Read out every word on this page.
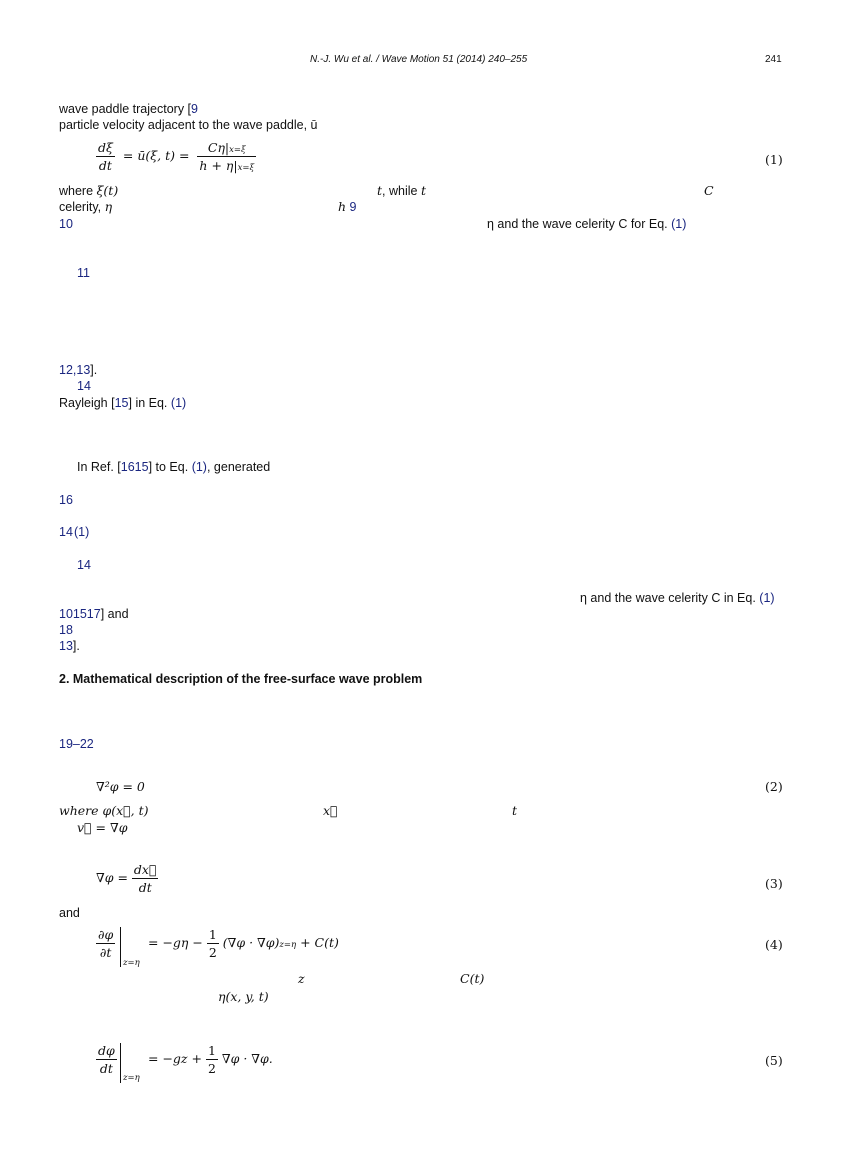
N.-J. Wu et al. / Wave Motion 51 (2014) 240–255	241
wave paddle trajectory [9
particle velocity adjacent to the wave paddle, ū
$\frac{d\xi}{dt}$ = ū(ξ, $t) = \frac{C\eta|x=\xi}{h + \eta|x=\xi}$	(1)
where ξ(t)	t, while t	C
celerity, η	h 9
10	η and the wave celerity C for Eq. (1)
11
12,13].
14
Rayleigh [15] in Eq. (1)
In Ref. [1615] to Eq. (1), generated
16
14 (1)
14
η and the wave celerity C in Eq. (1)
101517] and
18
13].
2. Mathematical description of the free-surface wave problem
19–22
∇²φ = 0	(2)
where φ(x⃗, t)	x⃗	t
v⃗ = ∇φ
$\nabla\varphi = \frac{dx⃗}{dt}$	(3)
and
$\frac{\partial\varphi}{\partial t}$
z=η
= $-g\eta - \frac{1}{2} (\nabla\varphi \cdot \nabla\varphi)z=\eta + C(t)$	(4)
z	C(t)
η(x, y, t)
$\frac{d\varphi}{dt}$
z=η
= $-gz + \frac{1}{2} \nabla\varphi \cdot \nabla\varphi$.	(5)
